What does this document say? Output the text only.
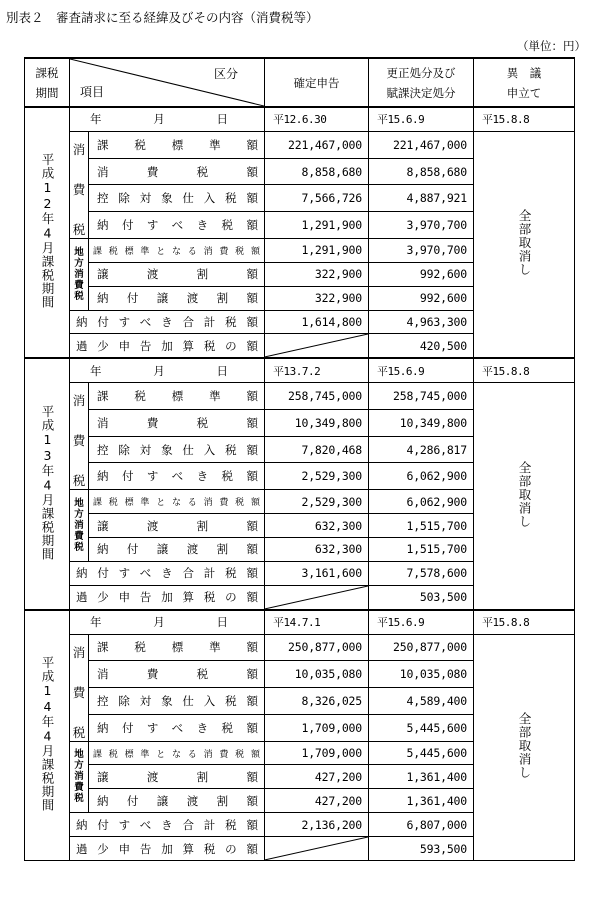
別表２　審査請求に至る経緯及びその内容（消費税等）
（単位：円）
課税
期間	区分
項目		確定申告	更正処分及び
賦課決定処分	異　議
申立て
平成12年4月課税期間	年　月　日		平12.6.30	平15.6.9	平15.8.8

	消
費
税	課税標準額	221,467,000	221,467,000	全部取消し
		消費税額	8,858,680	8,858,680	
		控除対象仕入税額	7,566,726	4,887,921	
		納付すべき税額	1,291,900	3,970,700	

	地
方
消
費
税	課税標準となる消費税額	1,291,900	3,970,700	
		譲渡割額	322,900	992,600	
		納付譲渡割額	322,900	992,600	
	納付すべき合計税額		1,614,800	4,963,300	
	過少申告加算税の額			420,500	
平成13年4月課税期間	年　月　日		平13.7.2	平15.6.9	平15.8.8

	消
費
税	課税標準額	258,745,000	258,745,000	全部取消し
		消費税額	10,349,800	10,349,800	
		控除対象仕入税額	7,820,468	4,286,817	
		納付すべき税額	2,529,300	6,062,900	

	地
方
消
費
税	課税標準となる消費税額	2,529,300	6,062,900	
		譲渡割額	632,300	1,515,700	
		納付譲渡割額	632,300	1,515,700	
	納付すべき合計税額		3,161,600	7,578,600	
	過少申告加算税の額			503,500	
平成14年4月課税期間	年　月　日		平14.7.1	平15.6.9	平15.8.8

	消
費
税	課税標準額	250,877,000	250,877,000	全部取消し
		消費税額	10,035,080	10,035,080	
		控除対象仕入税額	8,326,025	4,589,400	
		納付すべき税額	1,709,000	5,445,600	

	地
方
消
費
税	課税標準となる消費税額	1,709,000	5,445,600	
		譲渡割額	427,200	1,361,400	
		納付譲渡割額	427,200	1,361,400	
	納付すべき合計税額		2,136,200	6,807,000	
	過少申告加算税の額			593,500	
